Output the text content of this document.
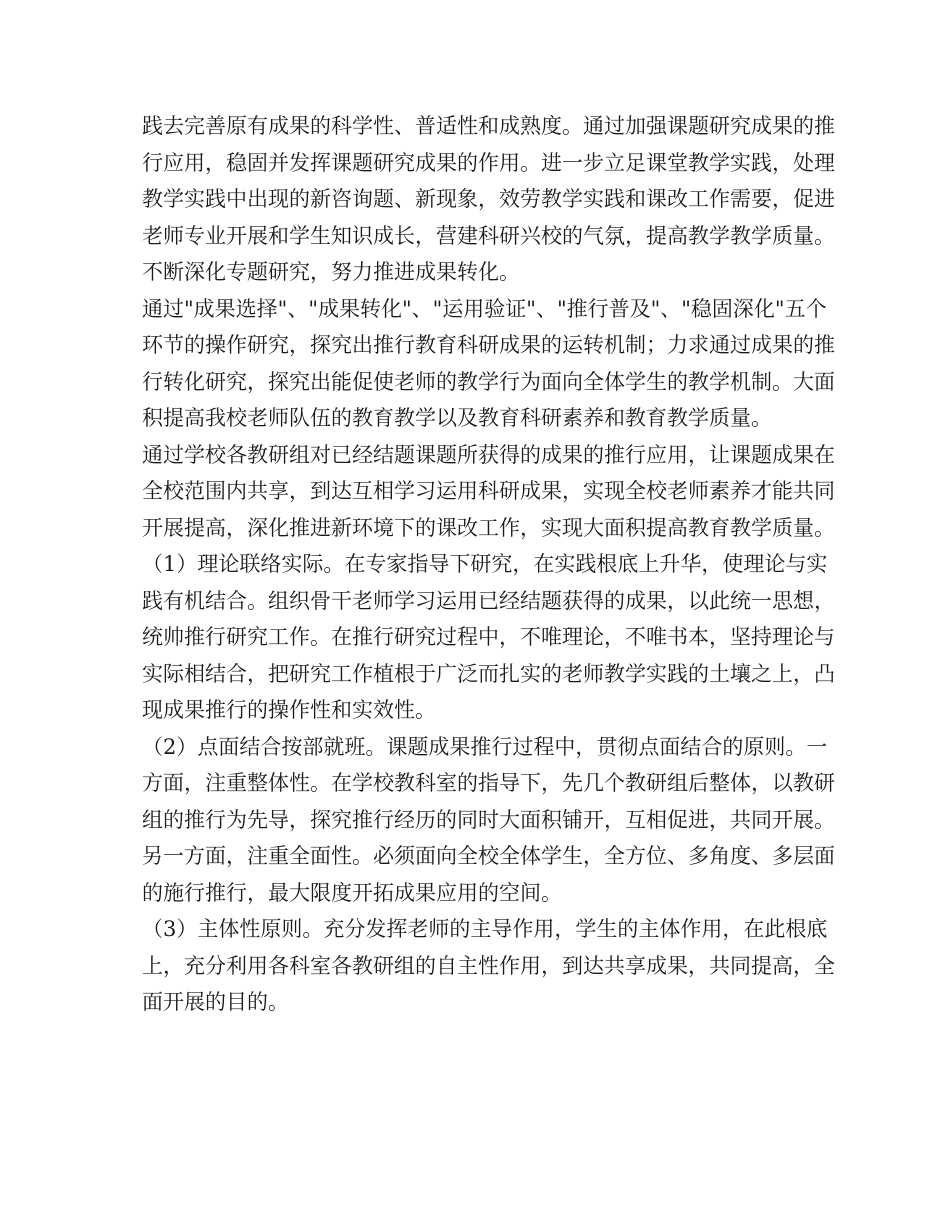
践去完善原有成果的科学性、普适性和成熟度。通过加强课题研究成果的推行应用，稳固并发挥课题研究成果的作用。进一步立足课堂教学实践，处理教学实践中出现的新咨询题、新现象，效劳教学实践和课改工作需要，促进老师专业开展和学生知识成长，营建科研兴校的气氛，提高教学教学质量。不断深化专题研究，努力推进成果转化。

通过"成果选择"、"成果转化"、"运用验证"、"推行普及"、"稳固深化"五个环节的操作研究，探究出推行教育科研成果的运转机制；力求通过成果的推行转化研究，探究出能促使老师的教学行为面向全体学生的教学机制。大面积提高我校老师队伍的教育教学以及教育科研素养和教育教学质量。

通过学校各教研组对已经结题课题所获得的成果的推行应用，让课题成果在全校范围内共享，到达互相学习运用科研成果，实现全校老师素养才能共同开展提高，深化推进新环境下的课改工作，实现大面积提高教育教学质量。

（1）理论联络实际。在专家指导下研究，在实践根底上升华，使理论与实践有机结合。组织骨干老师学习运用已经结题获得的成果，以此统一思想，统帅推行研究工作。在推行研究过程中，不唯理论，不唯书本，坚持理论与实际相结合，把研究工作植根于广泛而扎实的老师教学实践的土壤之上，凸现成果推行的操作性和实效性。

（2）点面结合按部就班。课题成果推行过程中，贯彻点面结合的原则。一方面，注重整体性。在学校教科室的指导下，先几个教研组后整体，以教研组的推行为先导，探究推行经历的同时大面积铺开，互相促进，共同开展。另一方面，注重全面性。必须面向全校全体学生，全方位、多角度、多层面的施行推行，最大限度开拓成果应用的空间。

（3）主体性原则。充分发挥老师的主导作用，学生的主体作用，在此根底上，充分利用各科室各教研组的自主性作用，到达共享成果，共同提高，全面开展的目的。
